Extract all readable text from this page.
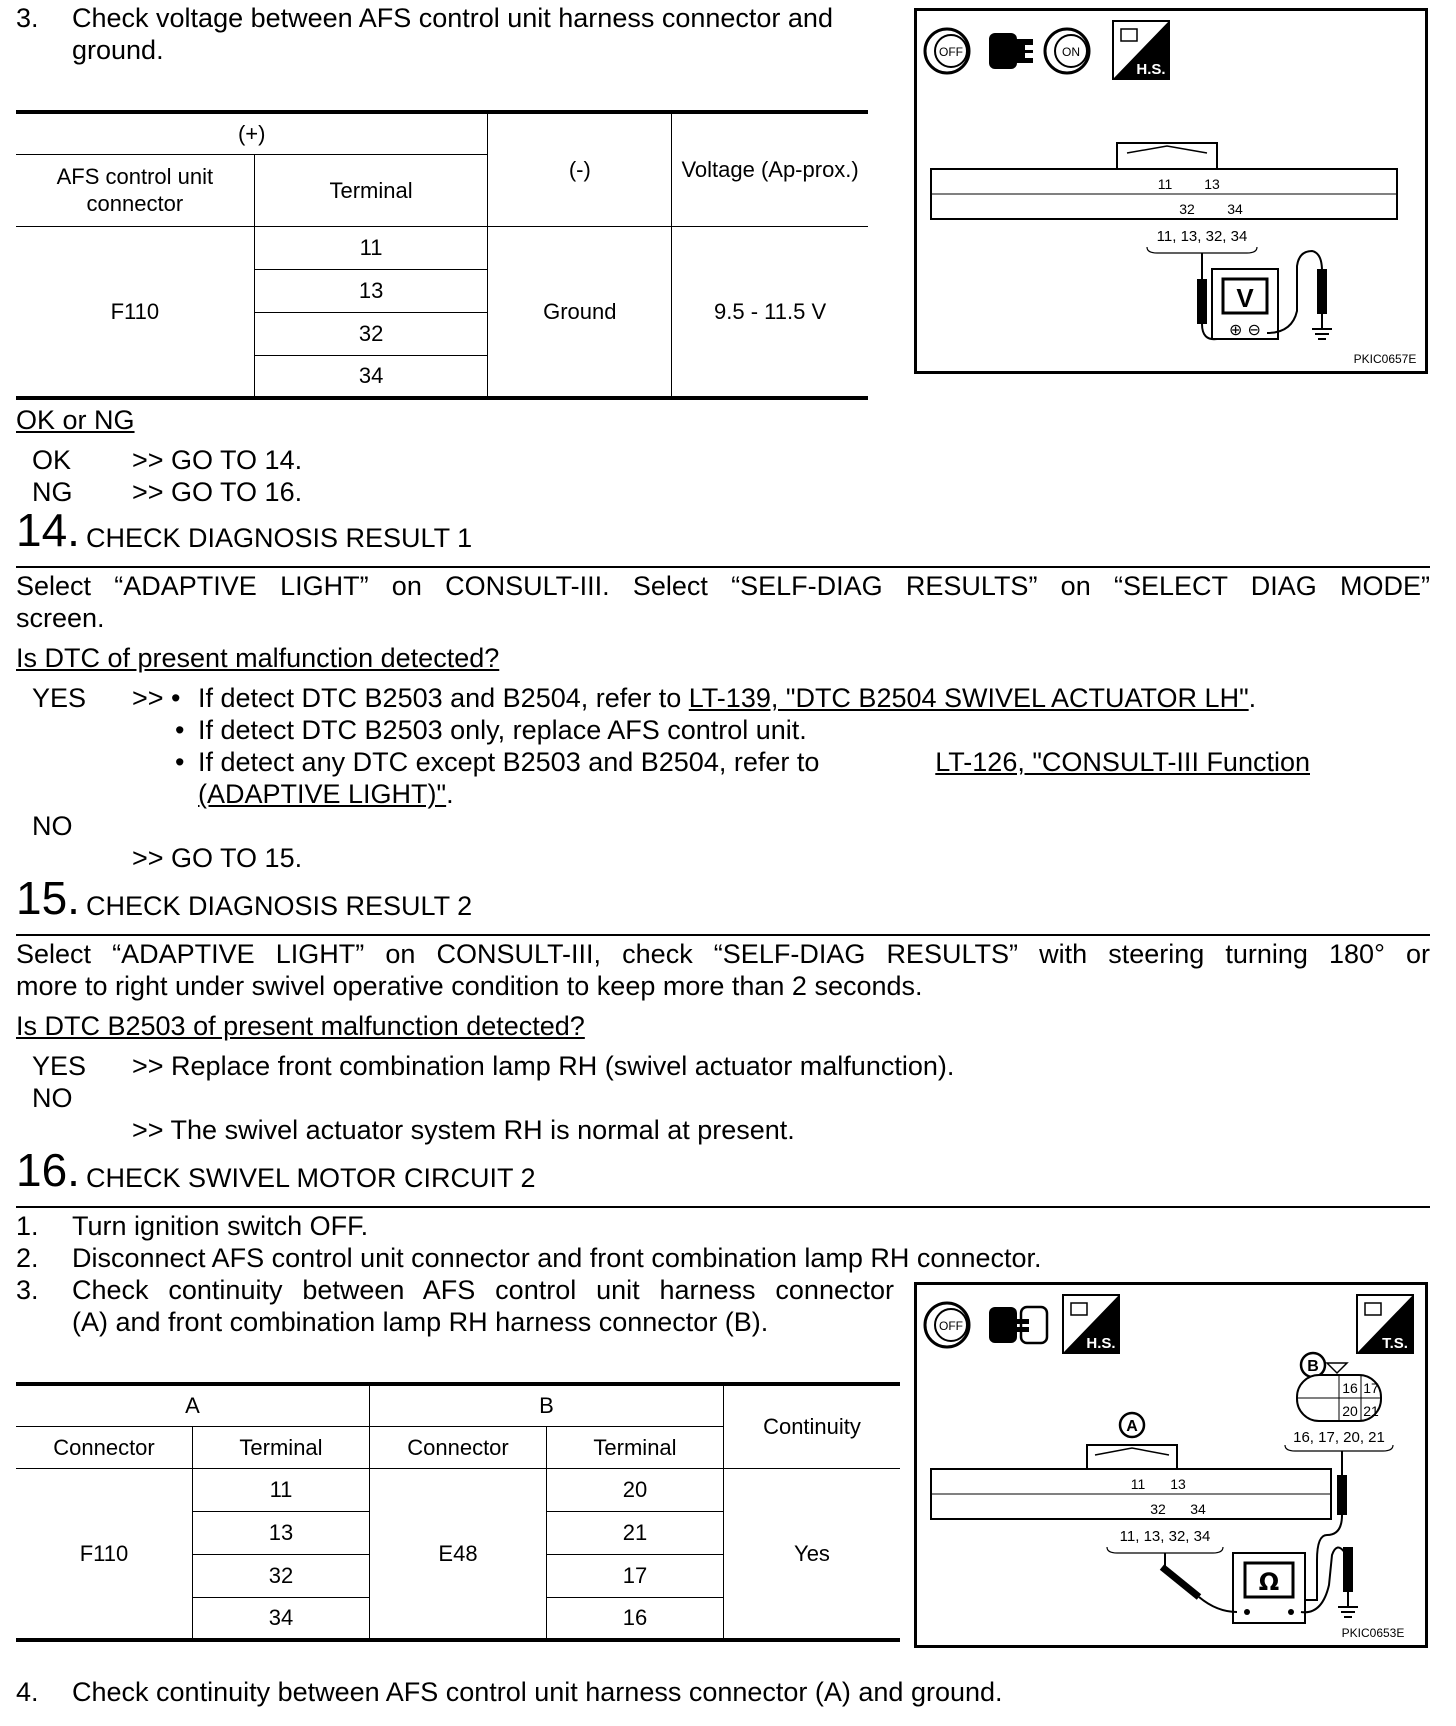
3. Check voltage between AFS control unit harness connector and
ground.
(+)		(-)	Voltage (Ap-prox.)
AFS control unit connector	Terminal		
F110	11	Ground	9.5 - 11.5 V
	13		
	32		
	34		
OK or NG
OK >> GO TO 14.
NG >> GO TO 16.
OFF	ON
H.S.
11 13
32 34
11, 13, 32, 34
V
⊕ ⊖
PKIC0657E
14. CHECK DIAGNOSIS RESULT 1
Select “ADAPTIVE LIGHT” on CONSULT-III. Select “SELF-DIAG RESULTS” on “SELECT DIAG MODE”
screen.
Is DTC of present malfunction detected?
YES >> • If detect DTC B2503 and B2504, refer to LT-139, "DTC B2504 SWIVEL ACTUATOR LH".
• If detect DTC B2503 only, replace AFS control unit.
• If detect any DTC except B2503 and B2504, refer to	LT-126, "CONSULT-III Function
(ADAPTIVE LIGHT)".
NO
>> GO TO 15.
15. CHECK DIAGNOSIS RESULT 2
Select “ADAPTIVE LIGHT” on CONSULT-III, check “SELF-DIAG RESULTS” with steering turning 180° or
more to right under swivel operative condition to keep more than 2 seconds.
Is DTC B2503 of present malfunction detected?
YES >> Replace front combination lamp RH (swivel actuator malfunction).
NO
>> The swivel actuator system RH is normal at present.
16. CHECK SWIVEL MOTOR CIRCUIT 2
1. Turn ignition switch OFF.
2. Disconnect AFS control unit connector and front combination lamp RH connector.
3. Check continuity between AFS control unit harness connector
(A) and front combination lamp RH harness connector (B).
A		B		Continuity
Connector	Terminal	Connector	Terminal	
F110	11	E48	20	Yes
	13		21	
	32		17	
	34		16	
OFF
H.S.	T.S.
B
16 17
20 21
16, 17, 20, 21
A
11 13
32 34
11, 13, 32, 34
Ω
PKIC0653E
4. Check continuity between AFS control unit harness connector (A) and ground.
